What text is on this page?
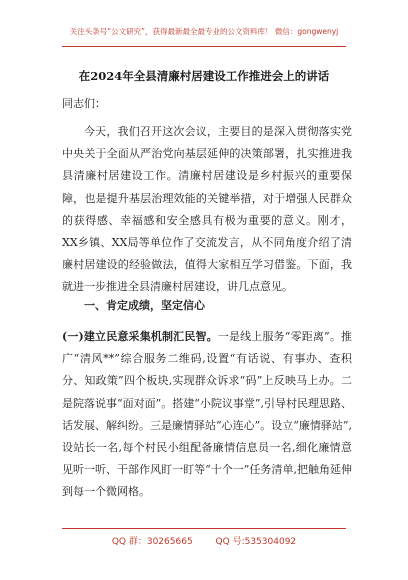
关注头条号“公文研究”，获得最新最全最专业的公文资料库！ 微信：gongwenyj
在2024年全县清廉村居建设工作推进会上的讲话
同志们：
今天，我们召开这次会议，主要目的是深入贯彻落实党中央关于全面从严治党向基层延伸的决策部署，扎实推进我县清廉村居建设工作。清廉村居建设是乡村振兴的重要保障，也是提升基层治理效能的关键举措，对于增强人民群众的获得感、幸福感和安全感具有极为重要的意义。刚才，XX乡镇、XX局等单位作了交流发言，从不同角度介绍了清廉村居建设的经验做法，值得大家相互学习借鉴。下面，我就进一步推进全县清廉村居建设，讲几点意见。
一、肯定成绩，坚定信心
(一)建立民意采集机制汇民智。一是线上服务“零距离”。推广“清风**”综合服务二维码,设置“有话说、有事办、查积分、知政策”四个板块,实现群众诉求“码”上反映马上办。二是院落说事“面对面”。搭建“小院议事堂”,引导村民理思路、话发展、解纠纷。三是廉情驿站“心连心”。设立“廉情驿站”,设站长一名,每个村民小组配备廉情信息员一名,细化廉情意见听一听、干部作风盯一盯等“十个一”任务清单,把触角延伸到每一个微网格。
QQ 群：30265665	QQ 号:535304092
